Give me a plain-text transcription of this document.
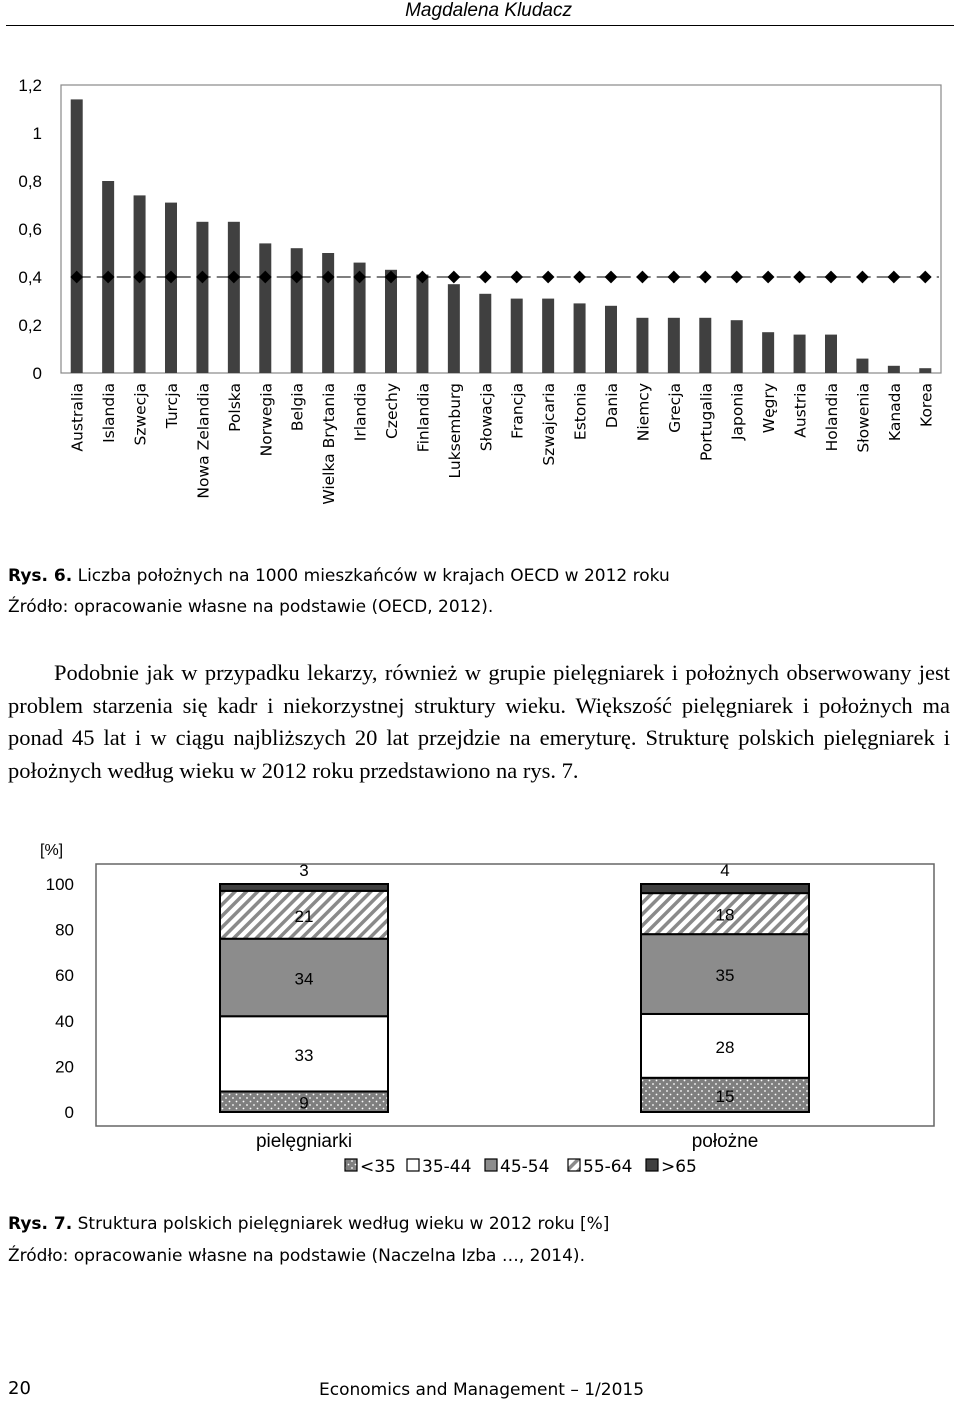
Magdalena Kludacz
0
0,2
0,4
0,6
0,8
1
1,2
Australia Islandia Szwecja Turcja Nowa Zelandia Polska Norwegia Belgia Wielka Brytania Irlandia Czechy Finlandia Luksemburg Słowacja Francja Szwajcaria Estonia Dania Niemcy Grecja Portugalia Japonia Węgry Austria Holandia Słowenia Kanada Korea
Rys. 6. Liczba położnych na 1000 mieszkańców w krajach OECD w 2012 roku
Źródło: opracowanie własne na podstawie (OECD, 2012).

Podobnie jak w przypadku lekarzy, również w grupie pielęgniarek i położnych obserwowany jest problem starzenia się kadr i niekorzystnej struktury wieku. Większość pielęgniarek i położnych ma ponad 45 lat i w ciągu najbliższych 20 lat przejdzie na emeryturę. Strukturę polskich pielęgniarek i położnych według wieku w 2012 roku przedstawiono na rys. 7.

[%]
0
20
40
60
80
100
9
33
34
21
3
pielęgniarki
15
28
35
18
4
położne
<35 35-44 45-54 55-64 >65
Rys. 7. Struktura polskich pielęgniarek według wieku w 2012 roku [%]
Źródło: opracowanie własne na podstawie (Naczelna Izba …, 2014).
20	Economics and Management – 1/2015
